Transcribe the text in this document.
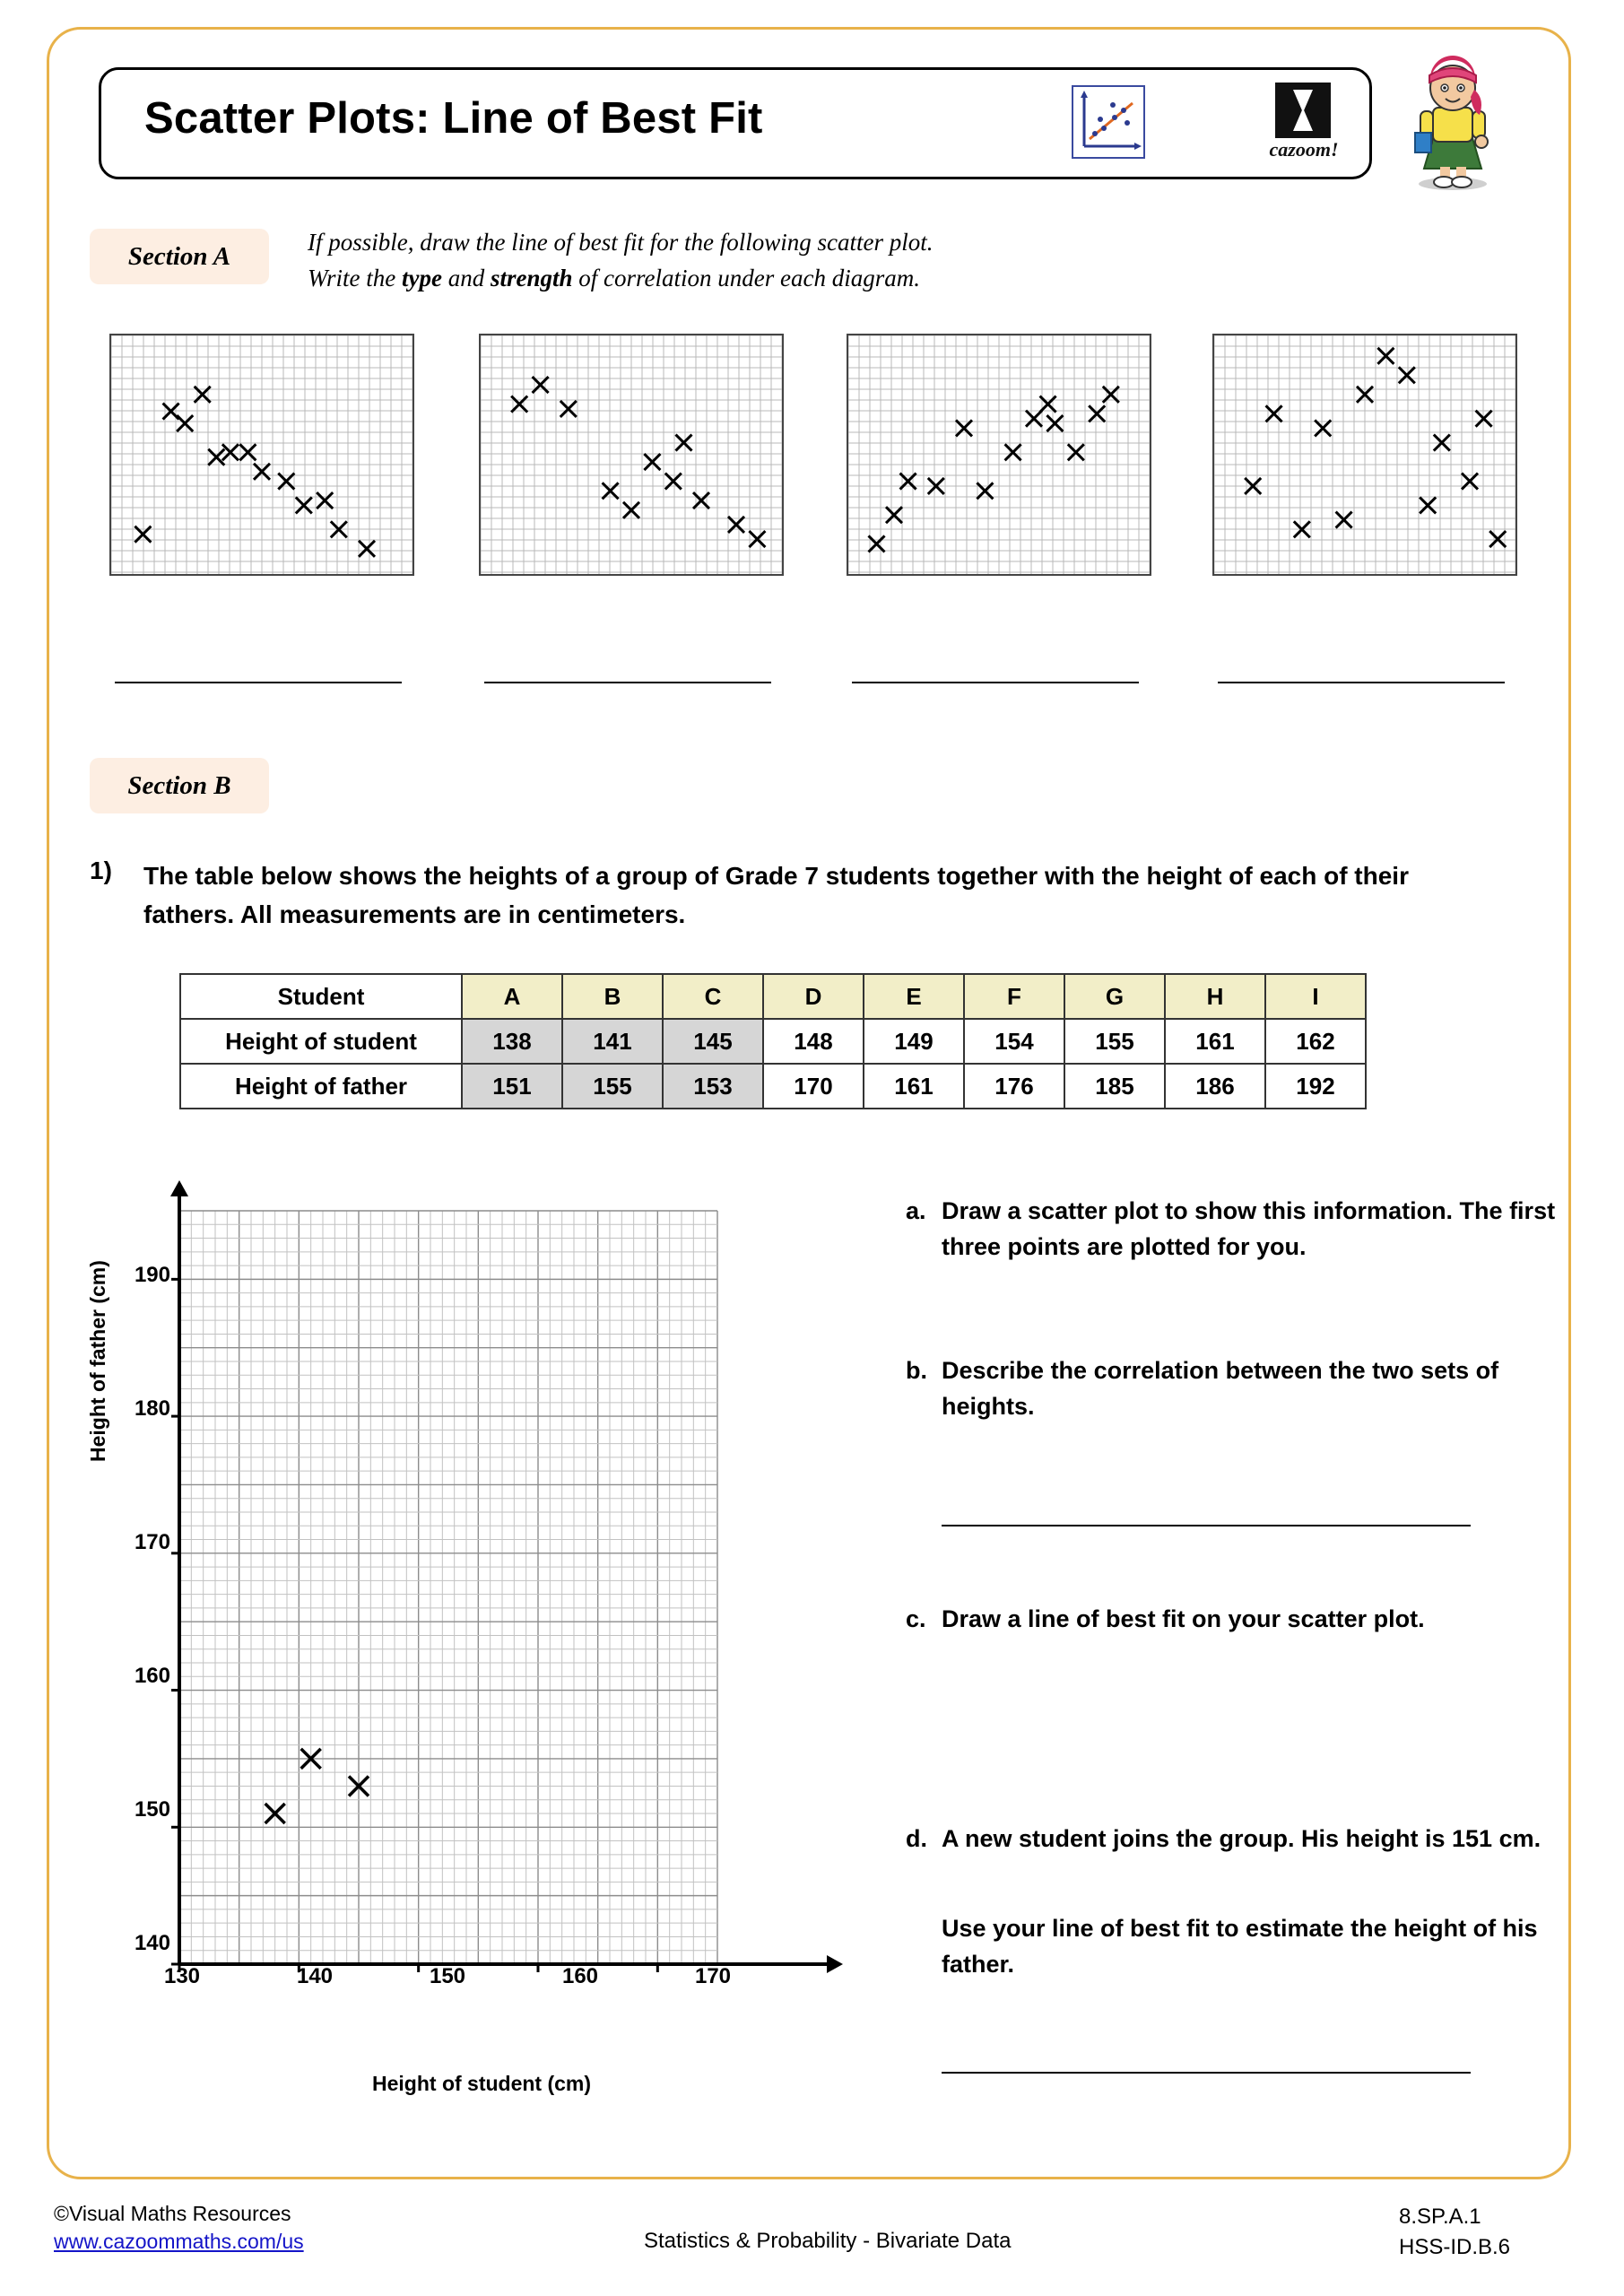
Scatter Plots: Line of Best Fit
cazoom!
Section A	If possible, draw the line of best fit for the following scatter plot.
Write the type and strength of correlation under each diagram.
Section B
1) The table below shows the heights of a group of Grade 7 students together with the height of each of their fathers. All measurements are in centimeters.
Student	A	B	C	D	E	F	G	H	I
Height of student	138	141	145	148	149	154	155	161	162
Height of father	151	155	153	170	161	176	185	186	192
Height of father (cm)
Height of student (cm)
190
180
170
160
150
140
130	140	150	160	170
a. Draw a scatter plot to show this information. The first three points are plotted for you.
b. Describe the correlation between the two sets of heights.
c. Draw a line of best fit on your scatter plot.
d. A new student joins the group. His height is 151 cm.
Use your line of best fit to estimate the height of his father.
©Visual Maths Resources
www.cazoommaths.com/us	Statistics & Probability - Bivariate Data
8.SP.A.1
HSS-ID.B.6
